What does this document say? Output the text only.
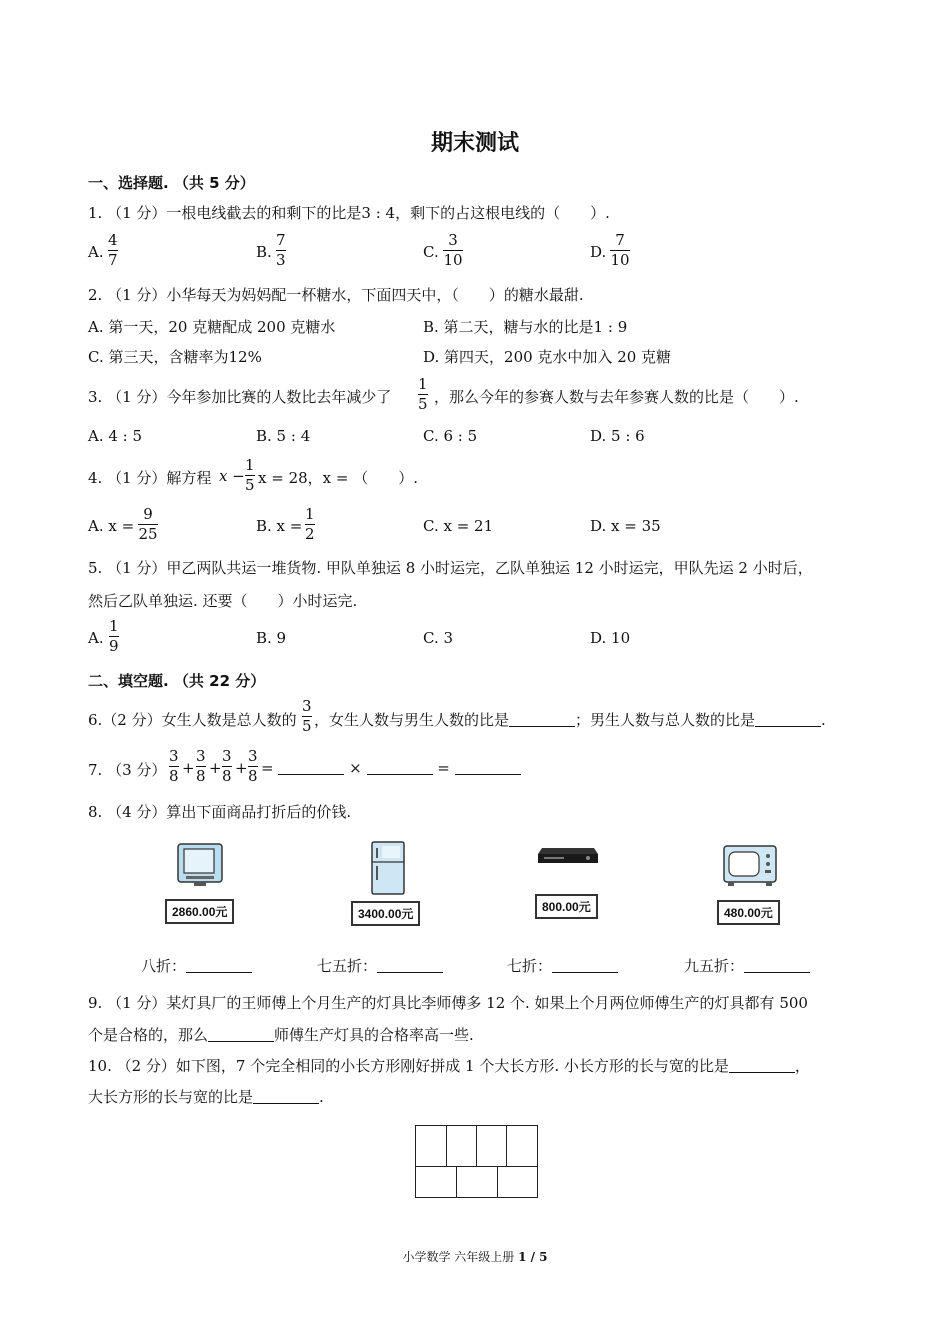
期末测试
一、选择题. （共 5 分）
1. （1 分）一根电线截去的和剩下的比是3 : 4，剩下的占这根电线的（　　）.
A.
4
7	B.
7
3	C.
3
10	D.
7
10
2. （1 分）小华每天为妈妈配一杯糖水，下面四天中，（　　）的糖水最甜.
A. 第一天，20 克糖配成 200 克糖水	B. 第二天，糖与水的比是1 : 9
C. 第三天，含糖率为12%	D. 第四天，200 克水中加入 20 克糖
3. （1 分）今年参加比赛的人数比去年减少了
1
5 ，那么今年的参赛人数与去年参赛人数的比是（　　）.
A. 4 : 5	B. 5 : 4	C. 6 : 5	D. 5 : 6
4. （1 分）解方程 x −
1
5 x = 28，x = （　　）.
A. x =
9
25	B. x =
1
2	C. x = 21	D. x = 35
5. （1 分）甲乙两队共运一堆货物. 甲队单独运 8 小时运完，乙队单独运 12 小时运完，甲队先运 2 小时后，
然后乙队单独运. 还要（　　）小时运完.
A.
1
9	B. 9	C. 3	D. 10
二、填空题. （共 22 分）
6.（2 分）女生人数是总人数的
3
5 ，女生人数与男生人数的比是	；男生人数与总人数的比是	.
7. （3 分）
3
8 +
3
8 +
3
8 +
3
8 =	×	=
8. （4 分）算出下面商品打折后的价钱.
2860.00元	3400.00元	800.00元	480.00元
八折：	七五折：	七折：	九五折：
9. （1 分）某灯具厂的王师傅上个月生产的灯具比李师傅多 12 个. 如果上个月两位师傅生产的灯具都有 500
个是合格的，那么	师傅生产灯具的合格率高一些.
10. （2 分）如下图，7 个完全相同的小长方形刚好拼成 1 个大长方形. 小长方形的长与宽的比是	，
大长方形的长与宽的比是	.
小学数学 六年级上册 1 / 5
